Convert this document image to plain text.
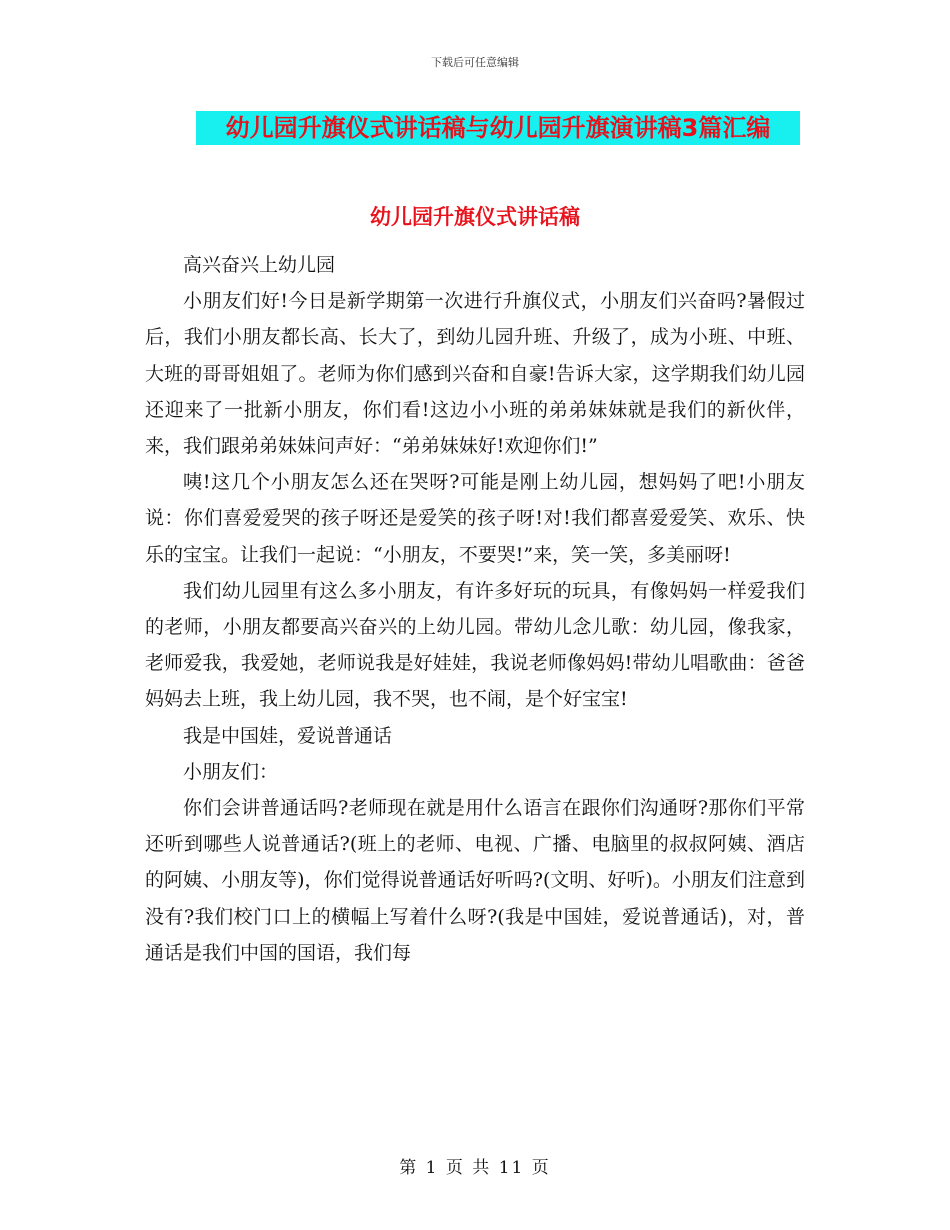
下载后可任意编辑
幼儿园升旗仪式讲话稿与幼儿园升旗演讲稿3篇汇编
幼儿园升旗仪式讲话稿

高兴奋兴上幼儿园

小朋友们好!今日是新学期第一次进行升旗仪式，小朋友们兴奋吗?暑假过后，我们小朋友都长高、长大了，到幼儿园升班、升级了，成为小班、中班、大班的哥哥姐姐了。老师为你们感到兴奋和自豪!告诉大家，这学期我们幼儿园还迎来了一批新小朋友，你们看!这边小小班的弟弟妹妹就是我们的新伙伴，来，我们跟弟弟妹妹问声好：“弟弟妹妹好!欢迎你们!”

咦!这几个小朋友怎么还在哭呀?可能是刚上幼儿园，想妈妈了吧!小朋友说：你们喜爱爱哭的孩子呀还是爱笑的孩子呀!对!我们都喜爱爱笑、欢乐、快乐的宝宝。让我们一起说：“小朋友，不要哭!”来，笑一笑，多美丽呀!

我们幼儿园里有这么多小朋友，有许多好玩的玩具，有像妈妈一样爱我们的老师，小朋友都要高兴奋兴的上幼儿园。带幼儿念儿歌：幼儿园，像我家，老师爱我，我爱她，老师说我是好娃娃，我说老师像妈妈!带幼儿唱歌曲：爸爸妈妈去上班，我上幼儿园，我不哭，也不闹，是个好宝宝!

我是中国娃，爱说普通话

小朋友们：

你们会讲普通话吗?老师现在就是用什么语言在跟你们沟通呀?那你们平常还听到哪些人说普通话?(班上的老师、电视、广播、电脑里的叔叔阿姨、酒店的阿姨、小朋友等)，你们觉得说普通话好听吗?(文明、好听)。小朋友们注意到没有?我们校门口上的横幅上写着什么呀?(我是中国娃，爱说普通话)，对，普通话是我们中国的国语，我们每

第 1 页 共 11 页
